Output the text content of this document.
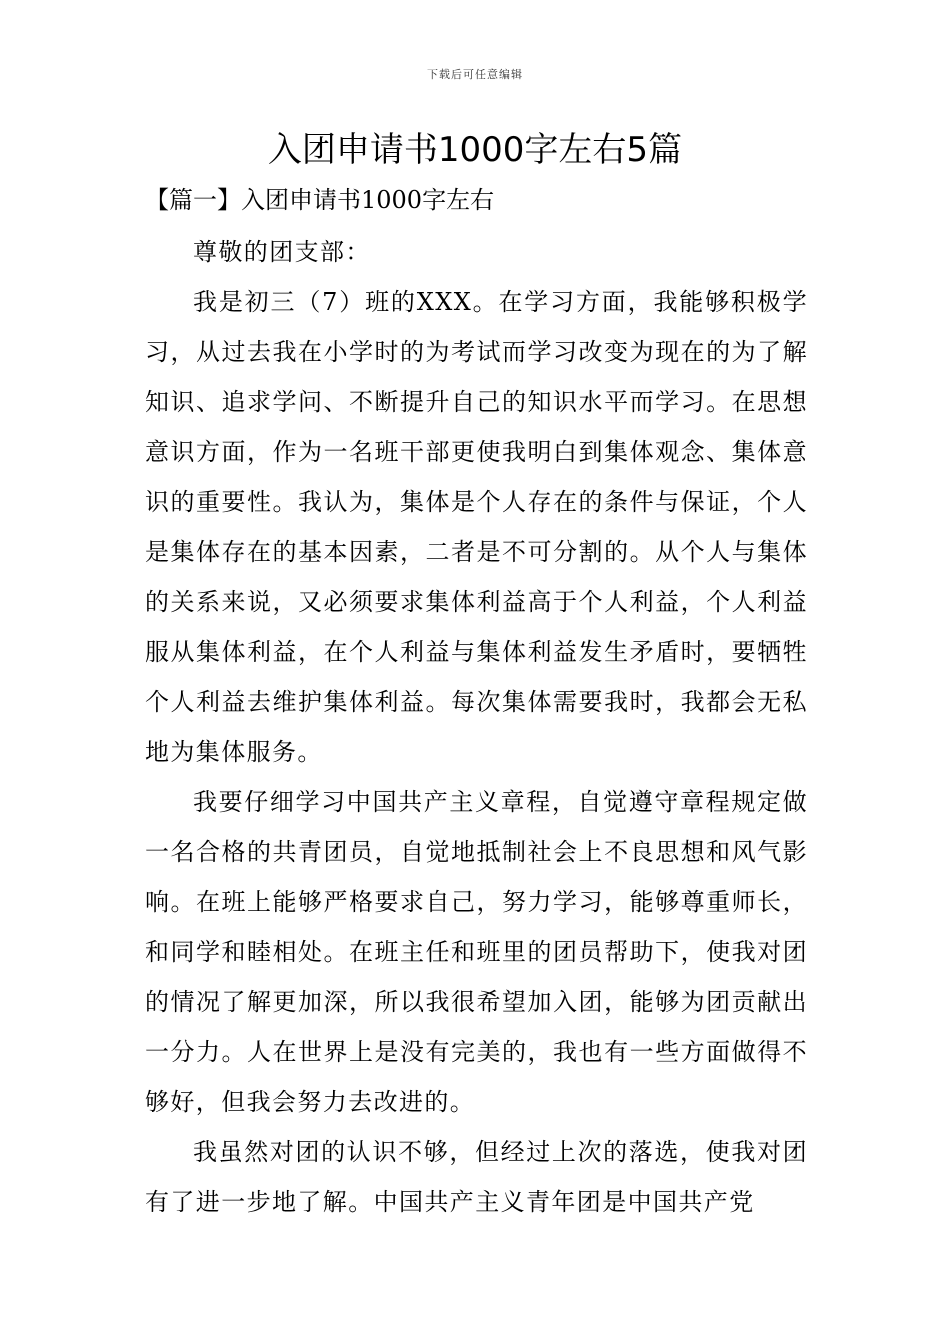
下载后可任意编辑
入团申请书1000字左右5篇
【篇一】入团申请书1000字左右

尊敬的团支部：

我是初三（7）班的XXX。在学习方面，我能够积极学习，从过去我在小学时的为考试而学习改变为现在的为了解知识、追求学问、不断提升自己的知识水平而学习。在思想意识方面，作为一名班干部更使我明白到集体观念、集体意识的重要性。我认为，集体是个人存在的条件与保证，个人是集体存在的基本因素，二者是不可分割的。从个人与集体的关系来说，又必须要求集体利益高于个人利益，个人利益服从集体利益，在个人利益与集体利益发生矛盾时，要牺牲个人利益去维护集体利益。每次集体需要我时，我都会无私地为集体服务。

我要仔细学习中国共产主义章程，自觉遵守章程规定做一名合格的共青团员，自觉地抵制社会上不良思想和风气影响。在班上能够严格要求自己，努力学习，能够尊重师长，和同学和睦相处。在班主任和班里的团员帮助下，使我对团的情况了解更加深，所以我很希望加入团，能够为团贡献出一分力。人在世界上是没有完美的，我也有一些方面做得不够好，但我会努力去改进的。

我虽然对团的认识不够，但经过上次的落选，使我对团有了进一步地了解。中国共产主义青年团是中国共产党
